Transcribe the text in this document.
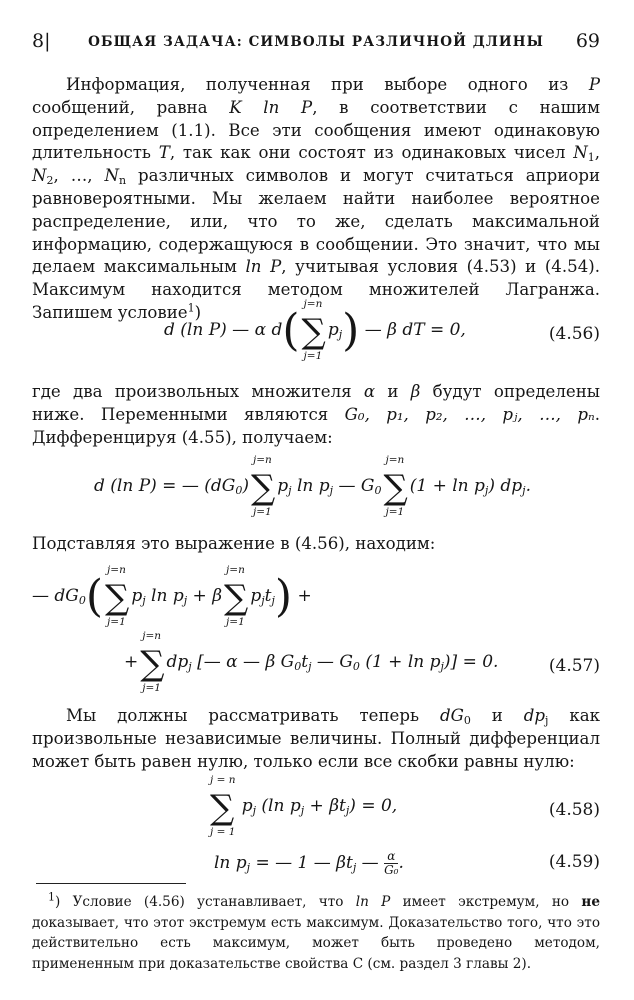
8|	ОБЩАЯ ЗАДАЧА: СИМВОЛЫ РАЗЛИЧНОЙ ДЛИНЫ	69
Информация, полученная при выборе одного из P сообщений, равна K ln P, в соответствии с нашим определением (1.1). Все эти сообщения имеют одинаковую длительность T, так как они состоят из одинаковых чисел $N_1$, $N_2$, …, $N_n$ различных символов и могут считаться априори равновероятными. Мы желаем найти наиболее вероятное распределение, или, что то же, сделать максимальной информацию, содержащуюся в сообщении. Это значит, что мы делаем максимальным ln P, учитывая условия (4.53) и (4.54). Максимум находится методом множителей Лагранжа. Запишем условие$^1$)
d (ln P) — α d(
j=n
∑
j=1
$p_j$) — β dT = 0,	(4.56)
где два произвольных множителя α и β будут определены ниже. Переменными являются G₀, p₁, p₂, …, pⱼ, …, pₙ. Дифференцируя (4.55), получаем:
d (ln P) = — $(dG_0)$
j=n
∑
j=1
$p_j$ $\ln p_j$ — $G_0$
j=n
∑
j=1
$(1 + \ln p_j)$ $dp_j$.
Подставляя это выражение в (4.56), находим:
— $dG_0$(
j=n
∑
j=1
$p_j$ $\ln p_j + \beta$
j=n
∑
j=1
$p_jt_j$) +
+
j=n
∑
j=1
$dp_j$ [— α — β $G_0t_j$ — $G_0$ $(1 + \ln p_j)] = 0$.	(4.57)
Мы должны рассматривать теперь $dG_0$ и $dp_j$ как произвольные независимые величины. Полный дифференциал может быть равен нулю, только если все скобки равны нулю:
j = n
∑
j = 1
$p_j$ (ln $p_j + \beta t_j) = 0$,	(4.58)
$\ln p_j$ = — 1 — $\beta t_j$ — $\frac{\alpha}{\text{G₀}}$.	(4.59)
$^1$) Условие (4.56) устанавливает, что ln P имеет экстремум, но не доказывает, что этот экстремум есть максимум. Доказательство того, что это действительно есть максимум, может быть проведено методом, примененным при доказательстве свойства C (см. раздел 3 главы 2).
